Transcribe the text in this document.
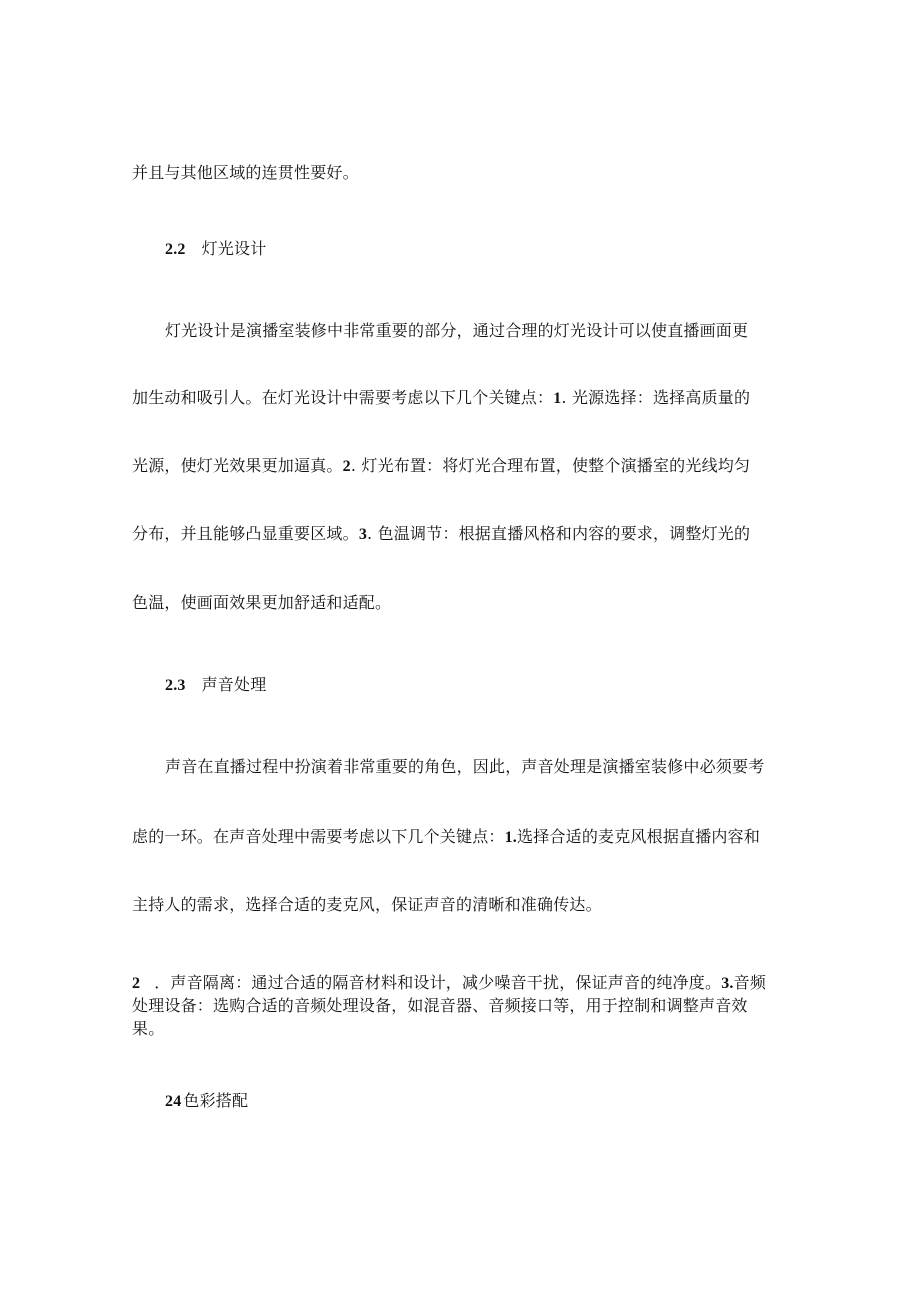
并且与其他区域的连贯性要好。

2.2 灯光设计

灯光设计是演播室装修中非常重要的部分，通过合理的灯光设计可以使直播画面更

加生动和吸引人。在灯光设计中需要考虑以下几个关键点：1. 光源选择：选择高质量的

光源，使灯光效果更加逼真。2. 灯光布置：将灯光合理布置，使整个演播室的光线均匀

分布，并且能够凸显重要区域。3. 色温调节：根据直播风格和内容的要求，调整灯光的

色温，使画面效果更加舒适和适配。

2.3 声音处理

声音在直播过程中扮演着非常重要的角色，因此，声音处理是演播室装修中必须要考

虑的一环。在声音处理中需要考虑以下几个关键点：1.选择合适的麦克风根据直播内容和

主持人的需求，选择合适的麦克风，保证声音的清晰和准确传达。

2 ．声音隔离：通过合适的隔音材料和设计，减少噪音干扰，保证声音的纯净度。3.音频

处理设备：选购合适的音频处理设备，如混音器、音频接口等，用于控制和调整声音效

果。

24 色彩搭配
